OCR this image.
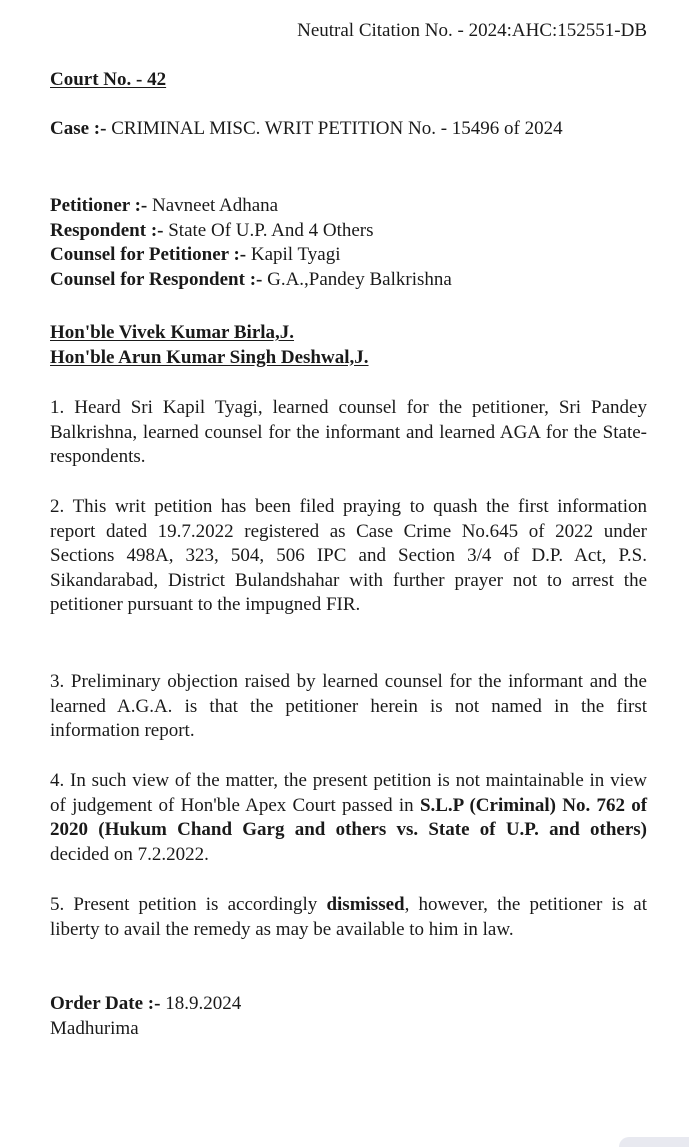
Neutral Citation No. - 2024:AHC:152551-DB
Court No. - 42
Case :- CRIMINAL MISC. WRIT PETITION No. - 15496 of 2024
Petitioner :- Navneet Adhana
Respondent :- State Of U.P. And 4 Others
Counsel for Petitioner :- Kapil Tyagi
Counsel for Respondent :- G.A.,Pandey Balkrishna
Hon'ble Vivek Kumar Birla,J.
Hon'ble Arun Kumar Singh Deshwal,J.
1. Heard Sri Kapil Tyagi, learned counsel for the petitioner, Sri Pandey Balkrishna, learned counsel for the informant and learned AGA for the State-respondents.
2. This writ petition has been filed praying to quash the first information report dated 19.7.2022 registered as Case Crime No.645 of 2022 under Sections 498A, 323, 504, 506 IPC and Section 3/4 of D.P. Act, P.S. Sikandarabad, District Bulandshahar with further prayer not to arrest the petitioner pursuant to the impugned FIR.
3. Preliminary objection raised by learned counsel for the informant and the learned A.G.A. is that the petitioner herein is not named in the first information report.
4. In such view of the matter, the present petition is not maintainable in view of judgement of Hon'ble Apex Court passed in S.L.P (Criminal) No. 762 of 2020 (Hukum Chand Garg and others vs. State of U.P. and others) decided on 7.2.2022.
5. Present petition is accordingly dismissed, however, the petitioner is at liberty to avail the remedy as may be available to him in law.
Order Date :- 18.9.2024
Madhurima
